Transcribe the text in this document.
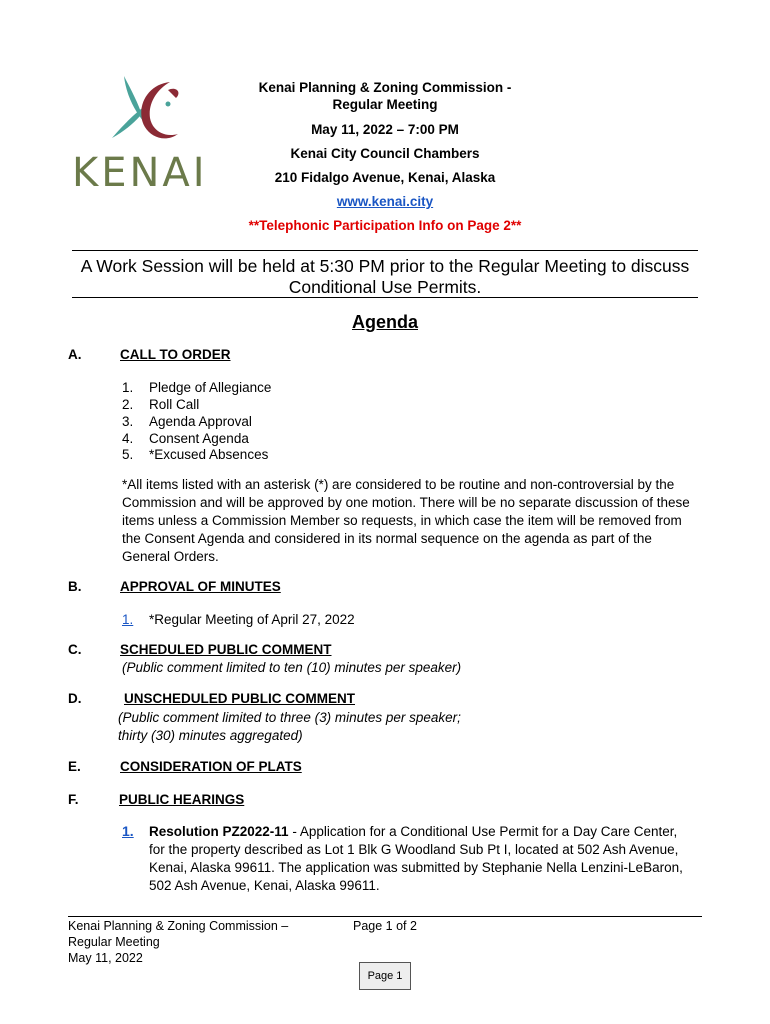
KENAI
Kenai Planning & Zoning Commission -
Regular Meeting
May 11, 2022 – 7:00 PM
Kenai City Council Chambers
210 Fidalgo Avenue, Kenai, Alaska
www.kenai.city
**Telephonic Participation Info on Page 2**
A Work Session will be held at 5:30 PM prior to the Regular Meeting to discuss
Conditional Use Permits.
Agenda
A.	CALL TO ORDER
1. Pledge of Allegiance
2. Roll Call
3. Agenda Approval
4. Consent Agenda
5. *Excused Absences
*All items listed with an asterisk (*) are considered to be routine and non-controversial by the
Commission and will be approved by one motion. There will be no separate discussion of these
items unless a Commission Member so requests, in which case the item will be removed from
the Consent Agenda and considered in its normal sequence on the agenda as part of the
General Orders.
B.	APPROVAL OF MINUTES
1. *Regular Meeting of April 27, 2022
C.	SCHEDULED PUBLIC COMMENT
(Public comment limited to ten (10) minutes per speaker)
D.	UNSCHEDULED PUBLIC COMMENT
(Public comment limited to three (3) minutes per speaker;
thirty (30) minutes aggregated)
E.	CONSIDERATION OF PLATS
F.	PUBLIC HEARINGS
1. Resolution PZ2022-11 - Application for a Conditional Use Permit for a Day Care Center,
for the property described as Lot 1 Blk G Woodland Sub Pt I, located at 502 Ash Avenue,
Kenai, Alaska 99611. The application was submitted by Stephanie Nella Lenzini-LeBaron,
502 Ash Avenue, Kenai, Alaska 99611.
Kenai Planning & Zoning Commission –
Regular Meeting
May 11, 2022
Page 1 of 2
Page 1
